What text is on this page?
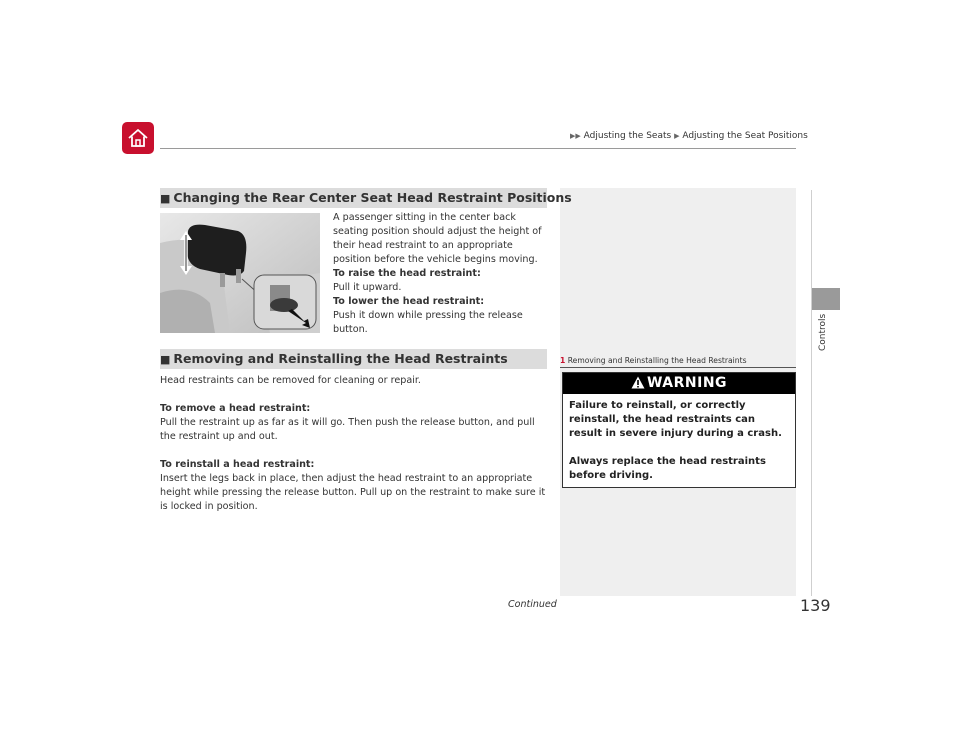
▶▶ Adjusting the Seats ▶ Adjusting the Seat Positions
Controls
■ Changing the Rear Center Seat Head Restraint Positions

A passenger sitting in the center back seating position should adjust the height of their head restraint to an appropriate position before the vehicle begins moving.

To raise the head restraint:

Pull it upward.

To lower the head restraint:

Push it down while pressing the release button.

■ Removing and Reinstalling the Head Restraints

Head restraints can be removed for cleaning or repair.

To remove a head restraint:

Pull the restraint up as far as it will go. Then push the release button, and pull the restraint up and out.

To reinstall a head restraint:

Insert the legs back in place, then adjust the head restraint to an appropriate height while pressing the release button. Pull up on the restraint to make sure it is locked in position.

1 Removing and Reinstalling the Head Restraints
WARNING

Failure to reinstall, or correctly reinstall, the head restraints can result in severe injury during a crash.

Always replace the head restraints before driving.

Continued	139
